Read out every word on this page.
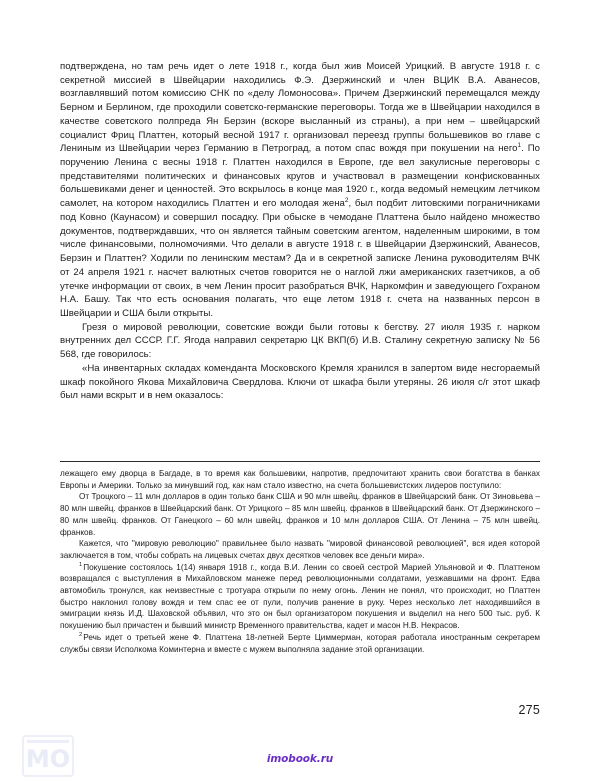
подтверждена, но там речь идет о лете 1918 г., когда был жив Моисей Урицкий. В августе 1918 г. с секретной миссией в Швейцарии находились Ф.Э. Дзержинский и член ВЦИК В.А. Аванесов, возглавлявший потом комиссию СНК по «делу Ломоносова». Причем Дзержинский перемещался между Берном и Берлином, где проходили советско-германские переговоры. Тогда же в Швейцарии находился в качестве советского полпреда Ян Берзин (вскоре высланный из страны), а при нем – швейцарский социалист Фриц Платтен, который весной 1917 г. организовал переезд группы большевиков во главе с Лениным из Швейцарии через Германию в Петроград, а потом спас вождя при покушении на него$^1$. По поручению Ленина с весны 1918 г. Платтен находился в Европе, где вел закулисные переговоры с представителями политических и финансовых кругов и участвовал в размещении конфискованных большевиками денег и ценностей. Это вскрылось в конце мая 1920 г., когда ведомый немецким летчиком самолет, на котором находились Платтен и его молодая жена$^2$, был подбит литовскими пограничниками под Ковно (Каунасом) и совершил посадку. При обыске в чемодане Платтена было найдено множество документов, подтверждавших, что он является тайным советским агентом, наделенным широкими, в том числе финансовыми, полномочиями. Что делали в августе 1918 г. в Швейцарии Дзержинский, Аванесов, Берзин и Платтен? Ходили по ленинским местам? Да и в секретной записке Ленина руководителям ВЧК от 24 апреля 1921 г. насчет валютных счетов говорится не о наглой лжи американских газетчиков, а об утечке информации от своих, в чем Ленин просит разобраться ВЧК, Наркомфин и заведующего Гохраном Н.А. Башу. Так что есть основания полагать, что еще летом 1918 г. счета на названных персон в Швейцарии и США были открыты.

Грезя о мировой революции, советские вожди были готовы к бегству. 27 июля 1935 г. нарком внутренних дел СССР. Г.Г. Ягода направил секретарю ЦК ВКП(б) И.В. Сталину секретную записку № 56 568, где говорилось:

«На инвентарных складах коменданта Московского Кремля хранился в запертом виде несгораемый шкаф покойного Якова Михайловича Свердлова. Ключи от шкафа были утеряны. 26 июля с/г этот шкаф был нами вскрыт и в нем оказалось:

лежащего ему дворца в Багдаде, в то время как большевики, напротив, предпочитают хранить свои богатства в банках Европы и Америки. Только за минувший год, как нам стало известно, на счета большевистских лидеров поступило:

От Троцкого – 11 млн долларов в один только банк США и 90 млн швейц. франков в Швейцарский банк. От Зиновьева – 80 млн швейц. франков в Швейцарский банк. От Урицкого – 85 млн швейц. франков в Швейцарский банк. От Дзержинского – 80 млн швейц. франков. От Ганецкого – 60 млн швейц. франков и 10 млн долларов США. От Ленина – 75 млн швейц. франков.

Кажется, что "мировую революцию" правильнее было назвать "мировой финансовой революцией", вся идея которой заключается в том, чтобы собрать на лицевых счетах двух десятков человек все деньги мира».

$^1$Покушение состоялось 1(14) января 1918 г., когда В.И. Ленин со своей сестрой Марией Ульяновой и Ф. Платтеном возвращался с выступления в Михайловском манеже перед революционными солдатами, уезжавшими на фронт. Едва автомобиль тронулся, как неизвестные с тротуара открыли по нему огонь. Ленин не понял, что происходит, но Платтен быстро наклонил голову вождя и тем спас ее от пули, получив ранение в руку. Через несколько лет находившийся в эмиграции князь И.Д. Шаховской объявил, что это он был организатором покушения и выделил на него 500 тыс. руб. К покушению был причастен и бывший министр Временного правительства, кадет и масон Н.В. Некрасов.

$^2$Речь идет о третьей жене Ф. Платтена 18-летней Берте Циммерман, которая работала иностранным секретарем службы связи Исполкома Коминтерна и вместе с мужем выполняла задание этой организации.

275
MO	imobook.ru
